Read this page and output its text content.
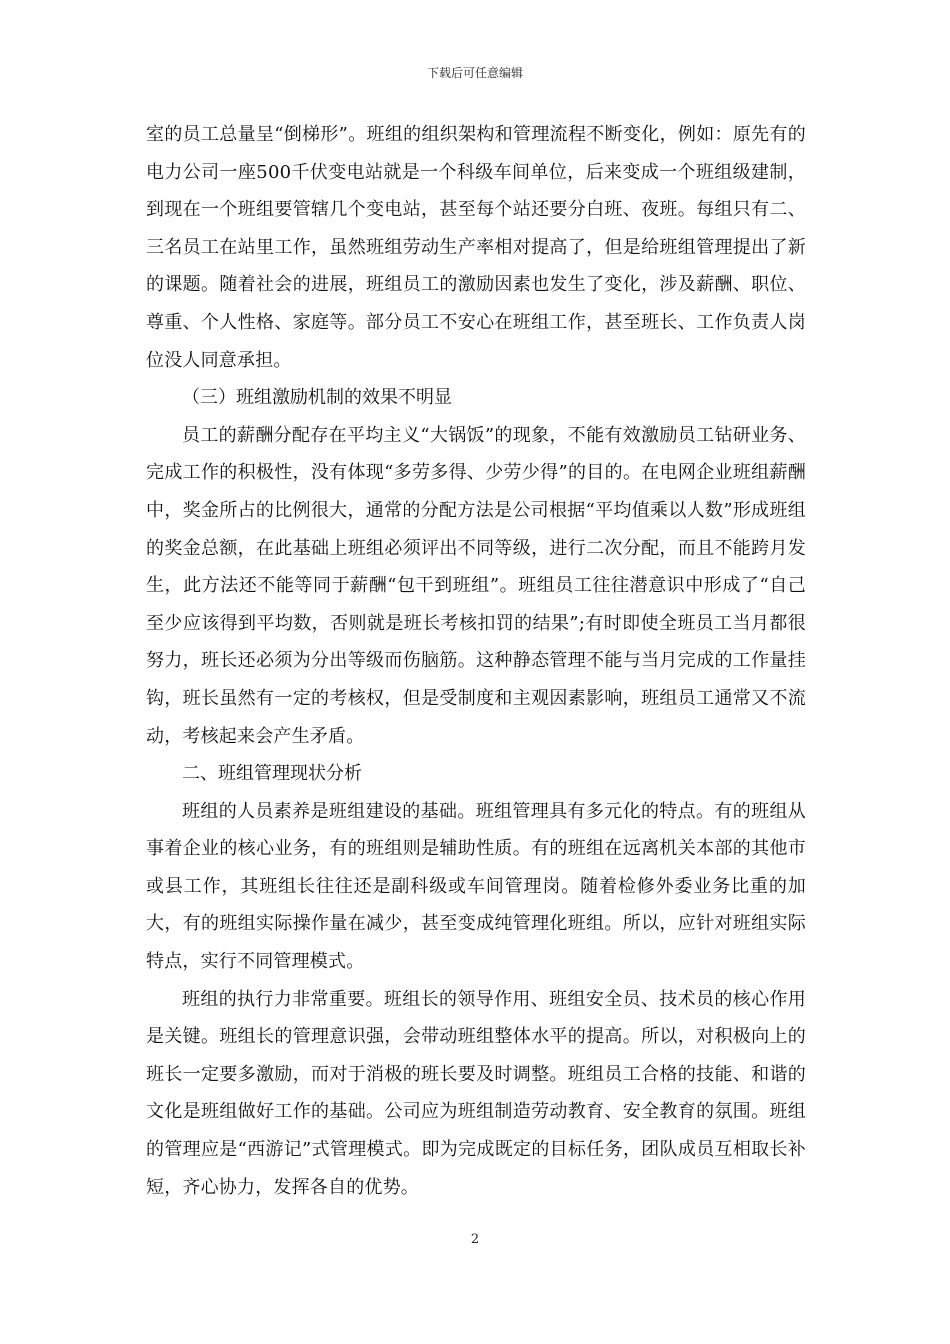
下载后可任意编辑

室的员工总量呈“倒梯形”。班组的组织架构和管理流程不断变化，例如：原先有的电力公司一座500千伏变电站就是一个科级车间单位，后来变成一个班组级建制，到现在一个班组要管辖几个变电站，甚至每个站还要分白班、夜班。每组只有二、三名员工在站里工作，虽然班组劳动生产率相对提高了，但是给班组管理提出了新的课题。随着社会的进展，班组员工的激励因素也发生了变化，涉及薪酬、职位、尊重、个人性格、家庭等。部分员工不安心在班组工作，甚至班长、工作负责人岗位没人同意承担。

（三）班组激励机制的效果不明显

员工的薪酬分配存在平均主义“大锅饭”的现象，不能有效激励员工钻研业务、完成工作的积极性，没有体现“多劳多得、少劳少得”的目的。在电网企业班组薪酬中，奖金所占的比例很大，通常的分配方法是公司根据“平均值乘以人数”形成班组的奖金总额，在此基础上班组必须评出不同等级，进行二次分配，而且不能跨月发生，此方法还不能等同于薪酬“包干到班组”。班组员工往往潜意识中形成了“自己至少应该得到平均数，否则就是班长考核扣罚的结果”;有时即使全班员工当月都很努力，班长还必须为分出等级而伤脑筋。这种静态管理不能与当月完成的工作量挂钩，班长虽然有一定的考核权，但是受制度和主观因素影响，班组员工通常又不流动，考核起来会产生矛盾。

二、班组管理现状分析

班组的人员素养是班组建设的基础。班组管理具有多元化的特点。有的班组从事着企业的核心业务，有的班组则是辅助性质。有的班组在远离机关本部的其他市或县工作，其班组长往往还是副科级或车间管理岗。随着检修外委业务比重的加大，有的班组实际操作量在减少，甚至变成纯管理化班组。所以，应针对班组实际特点，实行不同管理模式。

班组的执行力非常重要。班组长的领导作用、班组安全员、技术员的核心作用是关键。班组长的管理意识强，会带动班组整体水平的提高。所以，对积极向上的班长一定要多激励，而对于消极的班长要及时调整。班组员工合格的技能、和谐的文化是班组做好工作的基础。公司应为班组制造劳动教育、安全教育的氛围。班组的管理应是“西游记”式管理模式。即为完成既定的目标任务，团队成员互相取长补短，齐心协力，发挥各自的优势。

2
